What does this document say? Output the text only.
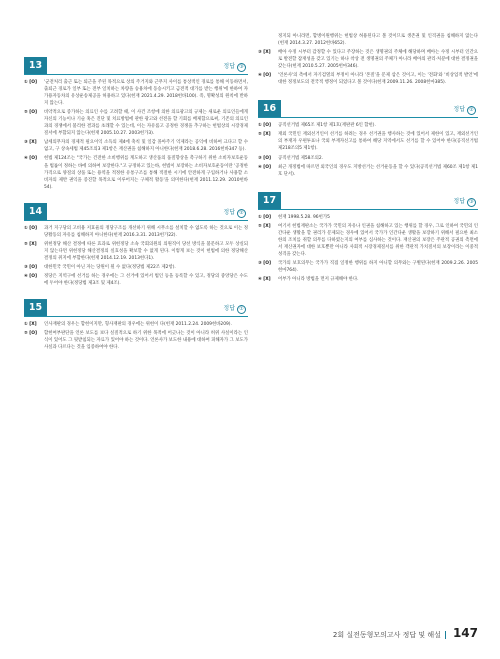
13	정답 ③
① [O] '군전처리 출근 또는 퇴근을 주된 목적으로 상의 주거지와 근무지 사이를 통상적인 경로를 통해 이동하면서, 출퇴근 경로가 일부 또는 전부 일치하는 차량을 승용차에 동승시키고 금전적 대가를 받는 행위'에 한하여 자가용자동차의 유상운송제공을 허용하고 있다(헌재 2021.4.29. 2018헌바100). 즉, 명확성의 원칙에 반하지 않는다.
② [O] 비약적으로 증가하는 의료인 수를 고려할 때, 이 사건 조항에 의한 의료광고의 규제는 새로운 의료인들에게 자신의 기능이나 기술 혹은 진단 및 치료방법에 관한 광고와 선전을 할 기회를 배제함으로써, 기존의 의료인과의 경쟁에서 불리한 결과를 초래할 수 있는데, 이는 자유롭고 공정한 경쟁을 추구하는 헌법상의 시장경제질서에 부합되지 않는다(헌재 2005.10.27. 2003헌가3).
③ [X] 납세의무자의 경제적 필요이익 소득의 제4에 축칙 및 일감 몰아주기 억제라는 공익에 비하여 크다고 할 수 없고, 구 상속세법 제45조의3 제1항은 재산권을 침해하지 아니한다(헌재 2018.6.28. 2016헌바347 등).
④ [O] 헌법 제124조는 "국가는 건전한 소비행위를 계도하고 생산품의 품질향상을 촉구하기 위한 소비자보호운동을 법률이 정하는 바에 의하여 보장한다."고 규정하고 있는바, 헌법이 보장하는 소비자보호운동이란 '공정한 가격으로 양질의 상품 또는 용역을 적정한 유통구조를 통해 적절한 시기에 안전하게 구입하거나 사용할 소비자의 제반 권익을 증진할 목적으로 이루어지는 구체적 활동'을 의미한다(헌재 2011.12.29. 2010헌바54).
14	정답 ②
① [O] 과거 지구당의 고비용 저효율의 정당구조를 개선하기 위해 시무소를 설치할 수 없도록 하는 것으로 이는 정당활동의 자유를 침해하지 아니한다(헌재 2016.3.31. 2013헌가22).
② [X] 위헌정당 해산 결정에 따른 효과로 위헌정당 소속 국회의원의 의원직이 당선 방식을 불문하고 모두 상실되지 않는다면 위헌정당 해산결정의 실효성을 확보할 수 없게 된다. 이렇게 보는 것이 헌법에 의한 정당해산 결정의 취지에 부합한다(헌재 2014.12.19. 2013헌다1).
③ [O] 대한민국 국민이 아닌 자는 당원이 될 수 없다(정당법 제22조 제2항).
④ [O] 정당은 지역구에 선거를 하는 경우에는 그 선거에 있어서 법인 등을 등록할 수 있고, 정당의 중앙당은 수도에 두어야 한다(정당법 제3조 및 제4조).
15	정답 ①
① [X] 인사재판의 경우는 합헌이지만, 형사재판의 경우에는 위헌이 다(헌재 2011.2.24. 2009헌바209).
② [O] 합헌여부판단을 언론 보도를 보다 실질적으로 하기 위한 목적에 어긋나는 것이 아니라 허위 사실이라는 인식이 있어도 그 뒷받침되는 자료가 있어야 하는 것이다. 언론사가 보도한 내용에 대하여 피해자가 그 보도가 사실과 다르다는 것을 입증하여야 한다.
정지되 아니라면, 합병이원행위는 헌법상 허용된다고 볼 것이므로 생존권 및 인격권을 침해하지 않는다(헌재 2014.3.27. 2012헌바652).
③ [X] 배아 수정 시부터 감정할 수 있다고 주장하는 것은 생명권의 주체에 해당하며 배아는 수정 시부터 인간으로 발전할 잠재성을 갖고 있기는 하나 착상 전 생명권의 주체가 아니라 배아의 관리·처분에 대한 결정권을 갖는다(헌재 2010.5.27. 2005헌마346).
④ [O] '언론사'의 측에서 자기검열의 부정이 아니라 '본질'을 문제 삼은 것이고, 이는 '전화'와 '비상업적 발언'에 대한 정정보도의 전국적 행정이 되었다고 볼 것이다(헌재 2009.11.26. 2008헌마385).
16	정답 ②
① [O] 공직선거법 제65조 제1항 제1호(재판관 6인 합헌).
② [X] 재외 국민인 재외선거인이 선거를 하려는 경우 선거권을 행사하는 것에 있어서 제한이 있고, 재외선거인의 부재자 우편투표나 국외 부재자신고를 통하여 해당 지역에서도 선거를 할 수 있어야 한다(공직선거법 제218조의5 제1항).
③ [O] 공직선거법 제58조의2.
④ [O] 최근 개정법에 따르면 외국인의 경우도 지방선거는 선거운동을 할 수 있다(공직선거법 제60조 제1항 제1호 단서).
17	정답 ③
① [O] 헌재 1998.5.28. 96헌가5
② [X] 여기서 헌법재판소는 국가가 국민의 자유나 인권을 침해하고 있는 행위를 할 경우, 그로 인하여 국민의 인간다운 생활을 할 권리가 문제되는 경우에 있어서 국가가 인간다운 생활을 보장하기 위해서 필요한 최소한의 조치를 취할 의무를 다하였는지의 여부를 심사하는 것이다. 재산권의 보장은 주관적 공권의 측면에서 재산권자에 대한 보호뿐만 아니라 사회적 시장경제질서를 위한 객관적 가치질서의 보장이라는 이중적 성격을 갖는다.
③ [O] 국가의 보호의무는 국가가 직접 일정한 행위를 하지 아니할 의무와는 구별된다(헌재 2009.2.26. 2005헌마764).
④ [X] 어부가 아니라 방법을 면저 규제해야 한다.
2회 실전동형모의고사 정답 및 해설 147
